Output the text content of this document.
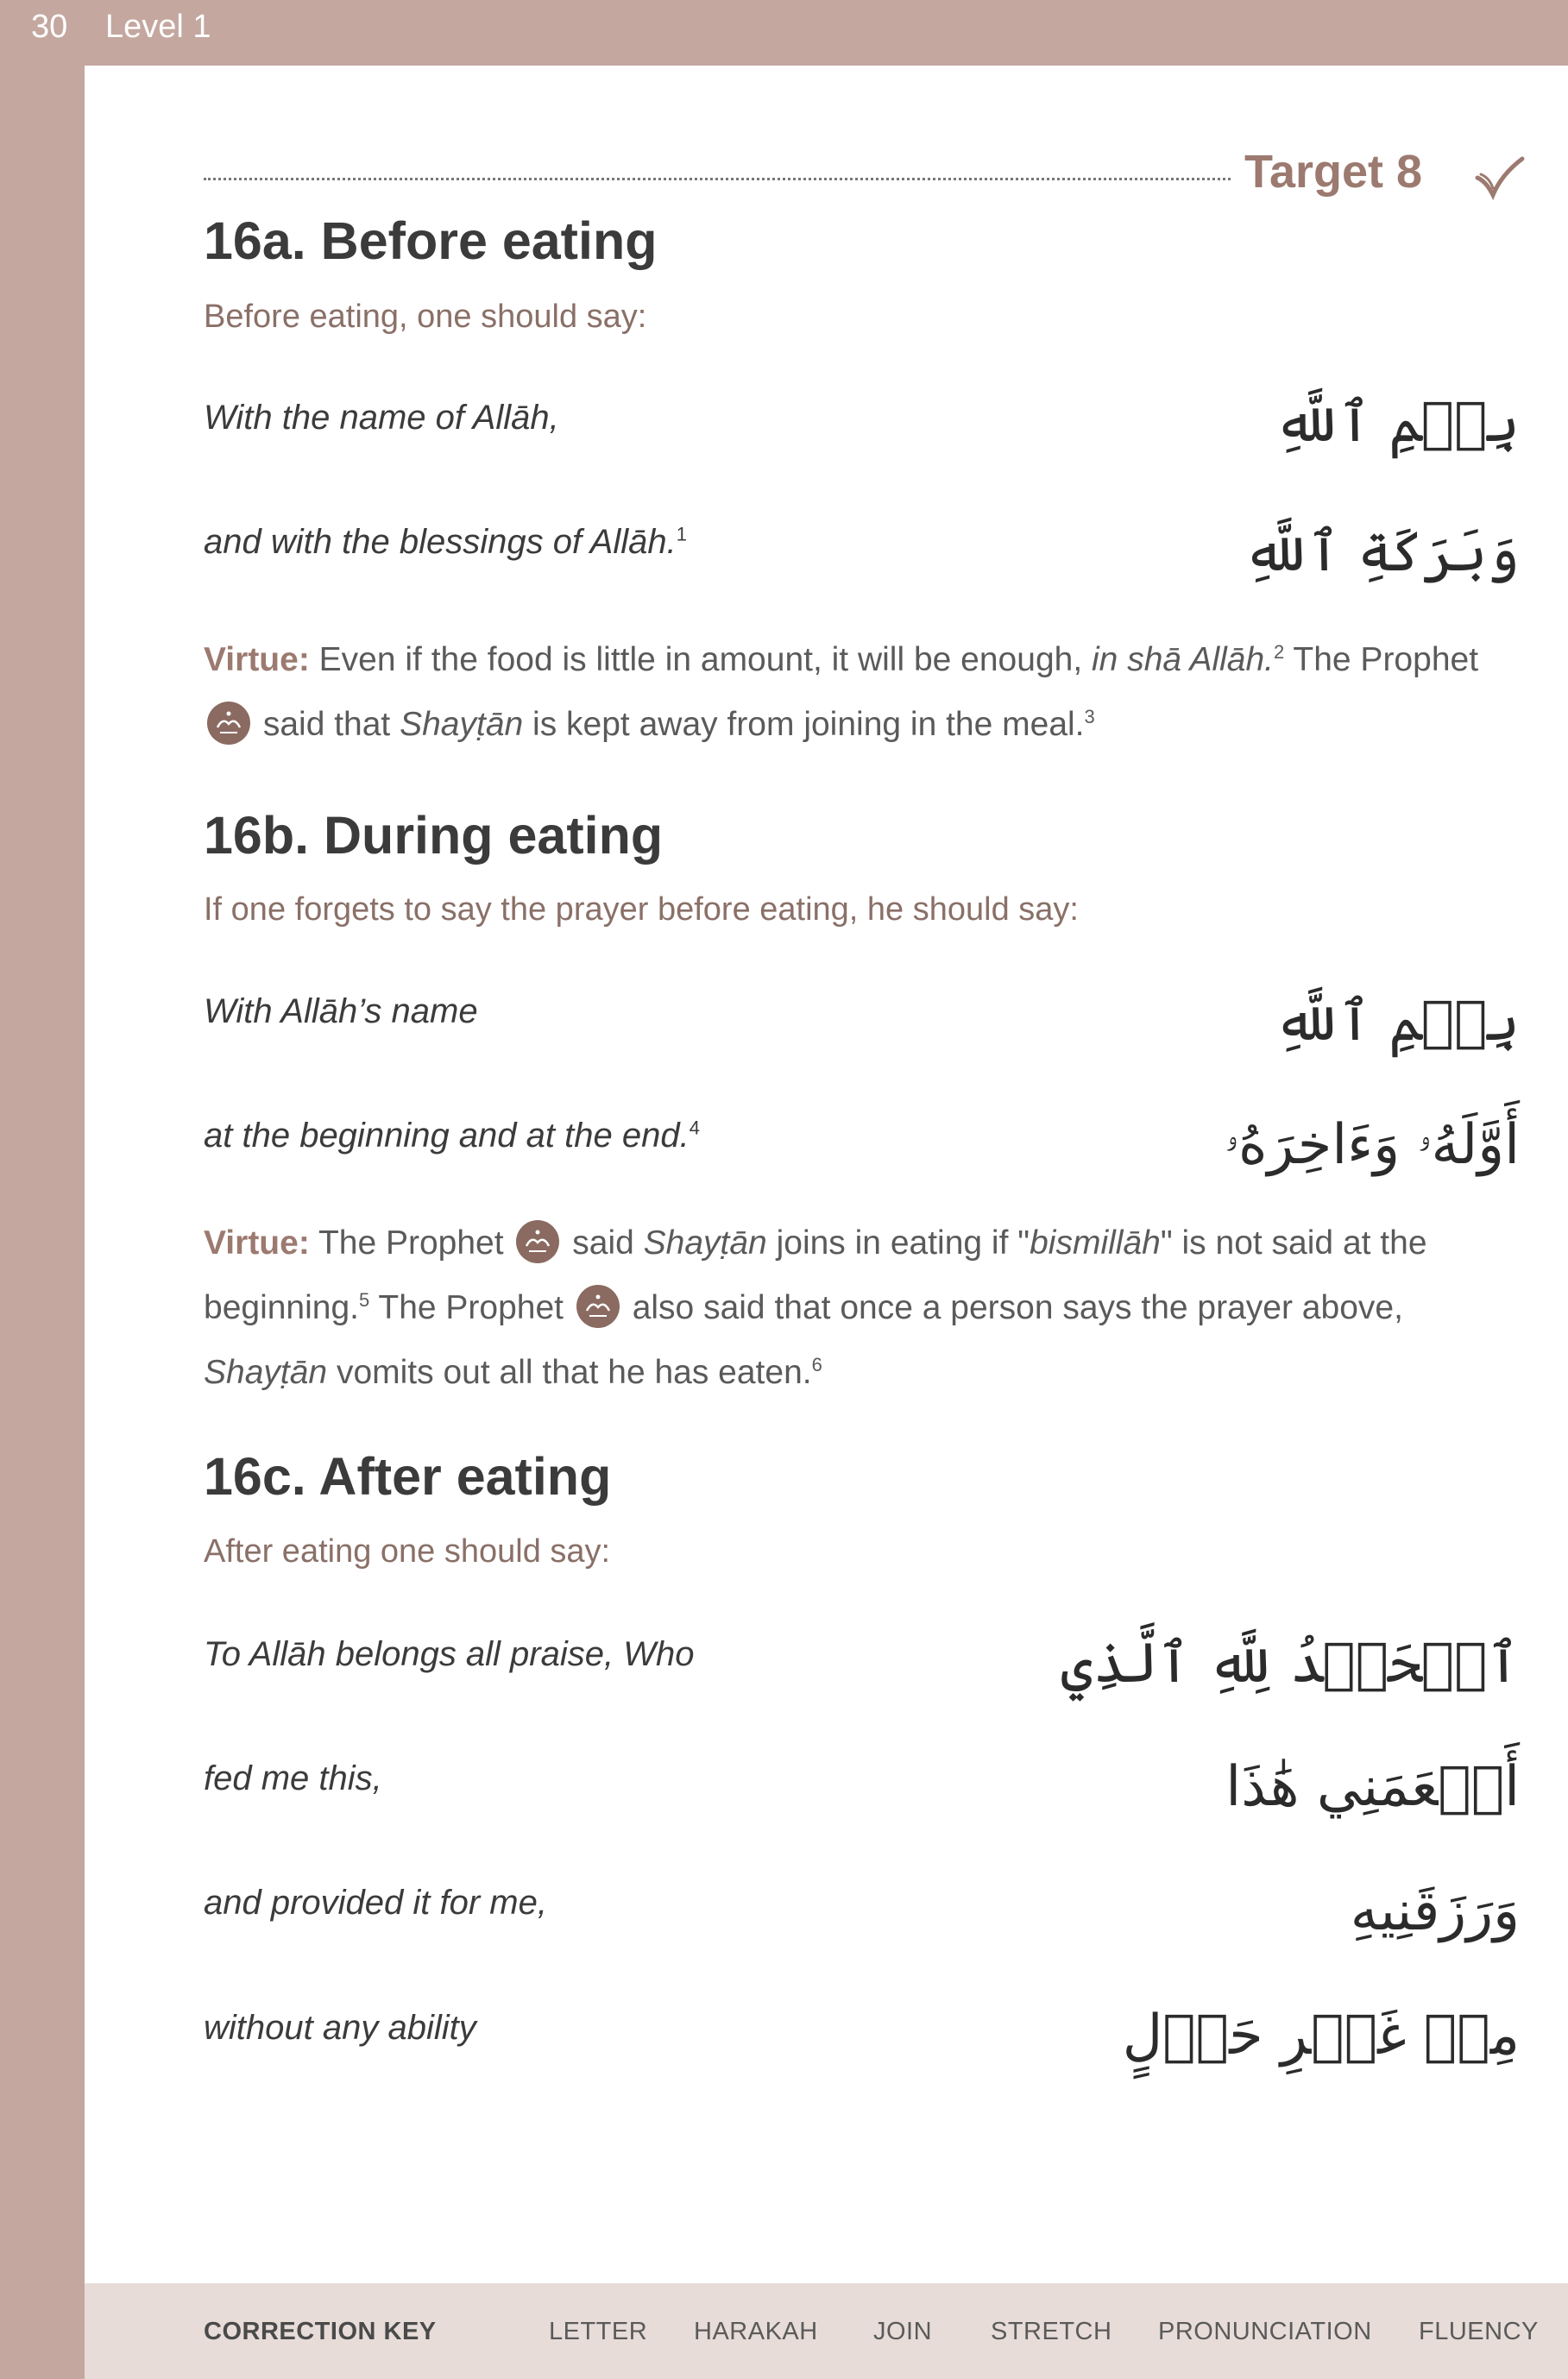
30 Level 1
Target 8
16a. Before eating
Before eating, one should say:
With the name of Allāh,	بِسۡمِ ٱللَّهِ
and with the blessings of Allāh.$^1$	وَبَرَكَةِ ٱللَّهِ

Virtue: Even if the food is little in amount, it will be enough, in shā Allāh.$^2$ The Prophet

said that Shayṭān is kept away from joining in the meal.$^3$

16b. During eating
If one forgets to say the prayer before eating, he should say:
With Allāh’s name	بِسۡمِ ٱللَّهِ
at the beginning and at the end.$^4$	أَوَّلَهُۥ وَءَاخِرَهُۥ

Virtue: The Prophet
said Shayṭān joins in eating if "bismillāh" is not said at the beginning.$^5$ The Prophet
also said that once a person says the prayer above, Shayṭān vomits out all that he has eaten.$^6$

16c. After eating
After eating one should say:
To Allāh belongs all praise, Who	ٱلۡحَمۡدُ لِلَّهِ ٱلَّذِي
fed me this,	أَطۡعَمَنِي هَٰذَا
and provided it for me,	وَرَزَقَنِيهِ
without any ability	مِنۡ غَيۡرِ حَوۡلٍ
CORRECTION KEY	LETTER HARAKAH JOIN STRETCH PRONUNCIATION FLUENCY
